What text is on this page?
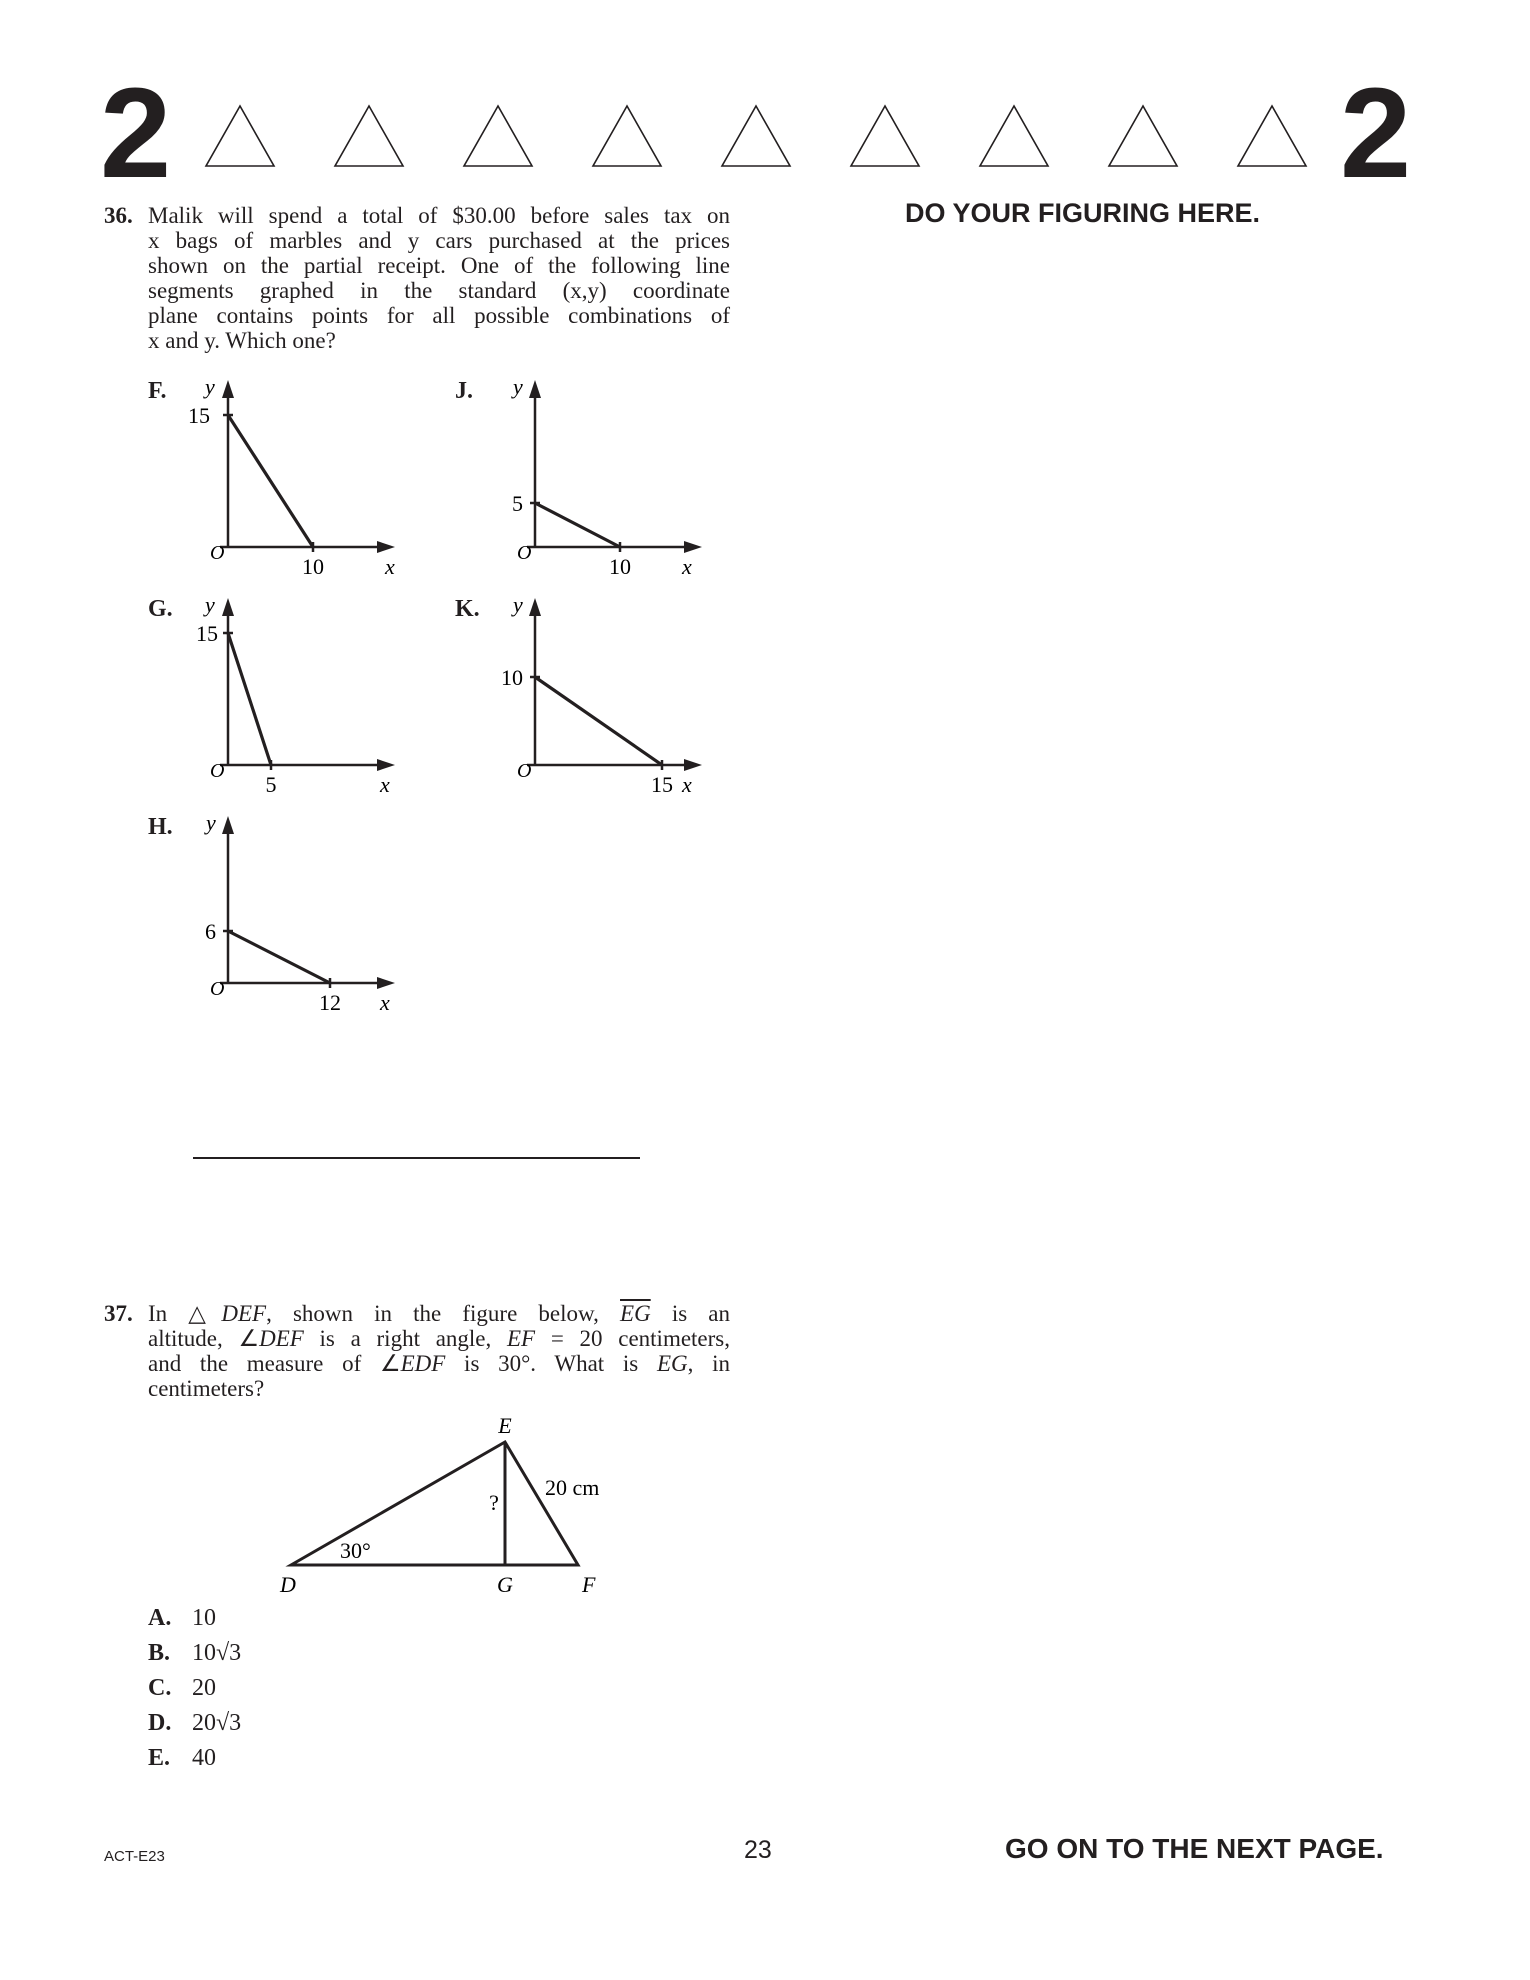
2	2
DO YOUR FIGURING HERE.
36. Malik will spend a total of $30.00 before sales tax on
x bags of marbles and y cars purchased at the prices
shown on the partial receipt. One of the following line
segments graphed in the standard (x,y) coordinate
plane contains points for all possible combinations of
x and y. Which one?
F.
15
10	x
y
O
J.
5
10 x
y
O
G.
15
5	x
y
O
K.
10
15 x
y
O
H.
6
12 x
y
O
37. In △DEF, shown in the figure below, $\overline{EG}$ is an
altitude, ∠DEF is a right angle, EF = 20 centimeters,
and the measure of ∠EDF is 30°. What is EG, in
centimeters?
E
D	G	F
20 cm
30°
?
A. 10
B. 10√3
C. 20
D. 20√3
E. 40
ACT-E23	23	GO ON TO THE NEXT PAGE.
